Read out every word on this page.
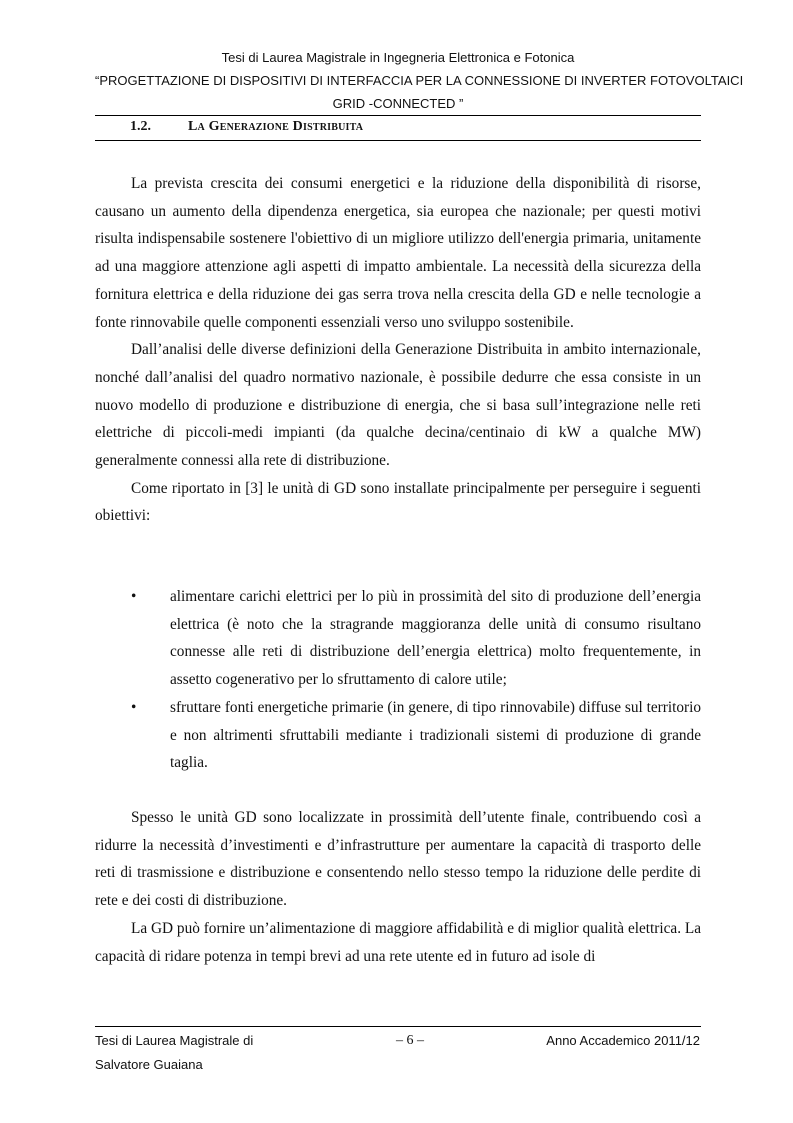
Tesi di Laurea Magistrale in Ingegneria Elettronica e Fotonica
“PROGETTAZIONE DI DISPOSITIVI DI INTERFACCIA PER LA CONNESSIONE DI INVERTER FOTOVOLTAICI
GRID -CONNECTED ”
1.2.	La Generazione Distribuita

La prevista crescita dei consumi energetici e la riduzione della disponibilità di risorse, causano un aumento della dipendenza energetica, sia europea che nazionale; per questi motivi risulta indispensabile sostenere l'obiettivo di un migliore utilizzo dell'energia primaria, unitamente ad una maggiore attenzione agli aspetti di impatto ambientale. La necessità della sicurezza della fornitura elettrica e della riduzione dei gas serra trova nella crescita della GD e nelle tecnologie a fonte rinnovabile quelle componenti essenziali verso uno sviluppo sostenibile.

Dall’analisi delle diverse definizioni della Generazione Distribuita in ambito internazionale, nonché dall’analisi del quadro normativo nazionale, è possibile dedurre che essa consiste in un nuovo modello di produzione e distribuzione di energia, che si basa sull’integrazione nelle reti elettriche di piccoli-medi impianti (da qualche decina/centinaio di kW a qualche MW) generalmente connessi alla rete di distribuzione.

Come riportato in [3] le unità di GD sono installate principalmente per perseguire i seguenti obiettivi:

• alimentare carichi elettrici per lo più in prossimità del sito di produzione dell’energia elettrica (è noto che la stragrande maggioranza delle unità di consumo risultano connesse alle reti di distribuzione dell’energia elettrica) molto frequentemente, in assetto cogenerativo per lo sfruttamento di calore utile;
• sfruttare fonti energetiche primarie (in genere, di tipo rinnovabile) diffuse sul territorio e non altrimenti sfruttabili mediante i tradizionali sistemi di produzione di grande taglia.

Spesso le unità GD sono localizzate in prossimità dell’utente finale, contribuendo così a ridurre la necessità d’investimenti e d’infrastrutture per aumentare la capacità di trasporto delle reti di trasmissione e distribuzione e consentendo nello stesso tempo la riduzione delle perdite di rete e dei costi di distribuzione.

La GD può fornire un’alimentazione di maggiore affidabilità e di miglior qualità elettrica. La capacità di ridare potenza in tempi brevi ad una rete utente ed in futuro ad isole di

Tesi di Laurea Magistrale di
Salvatore Guaiana
– 6 –	Anno Accademico 2011/12
